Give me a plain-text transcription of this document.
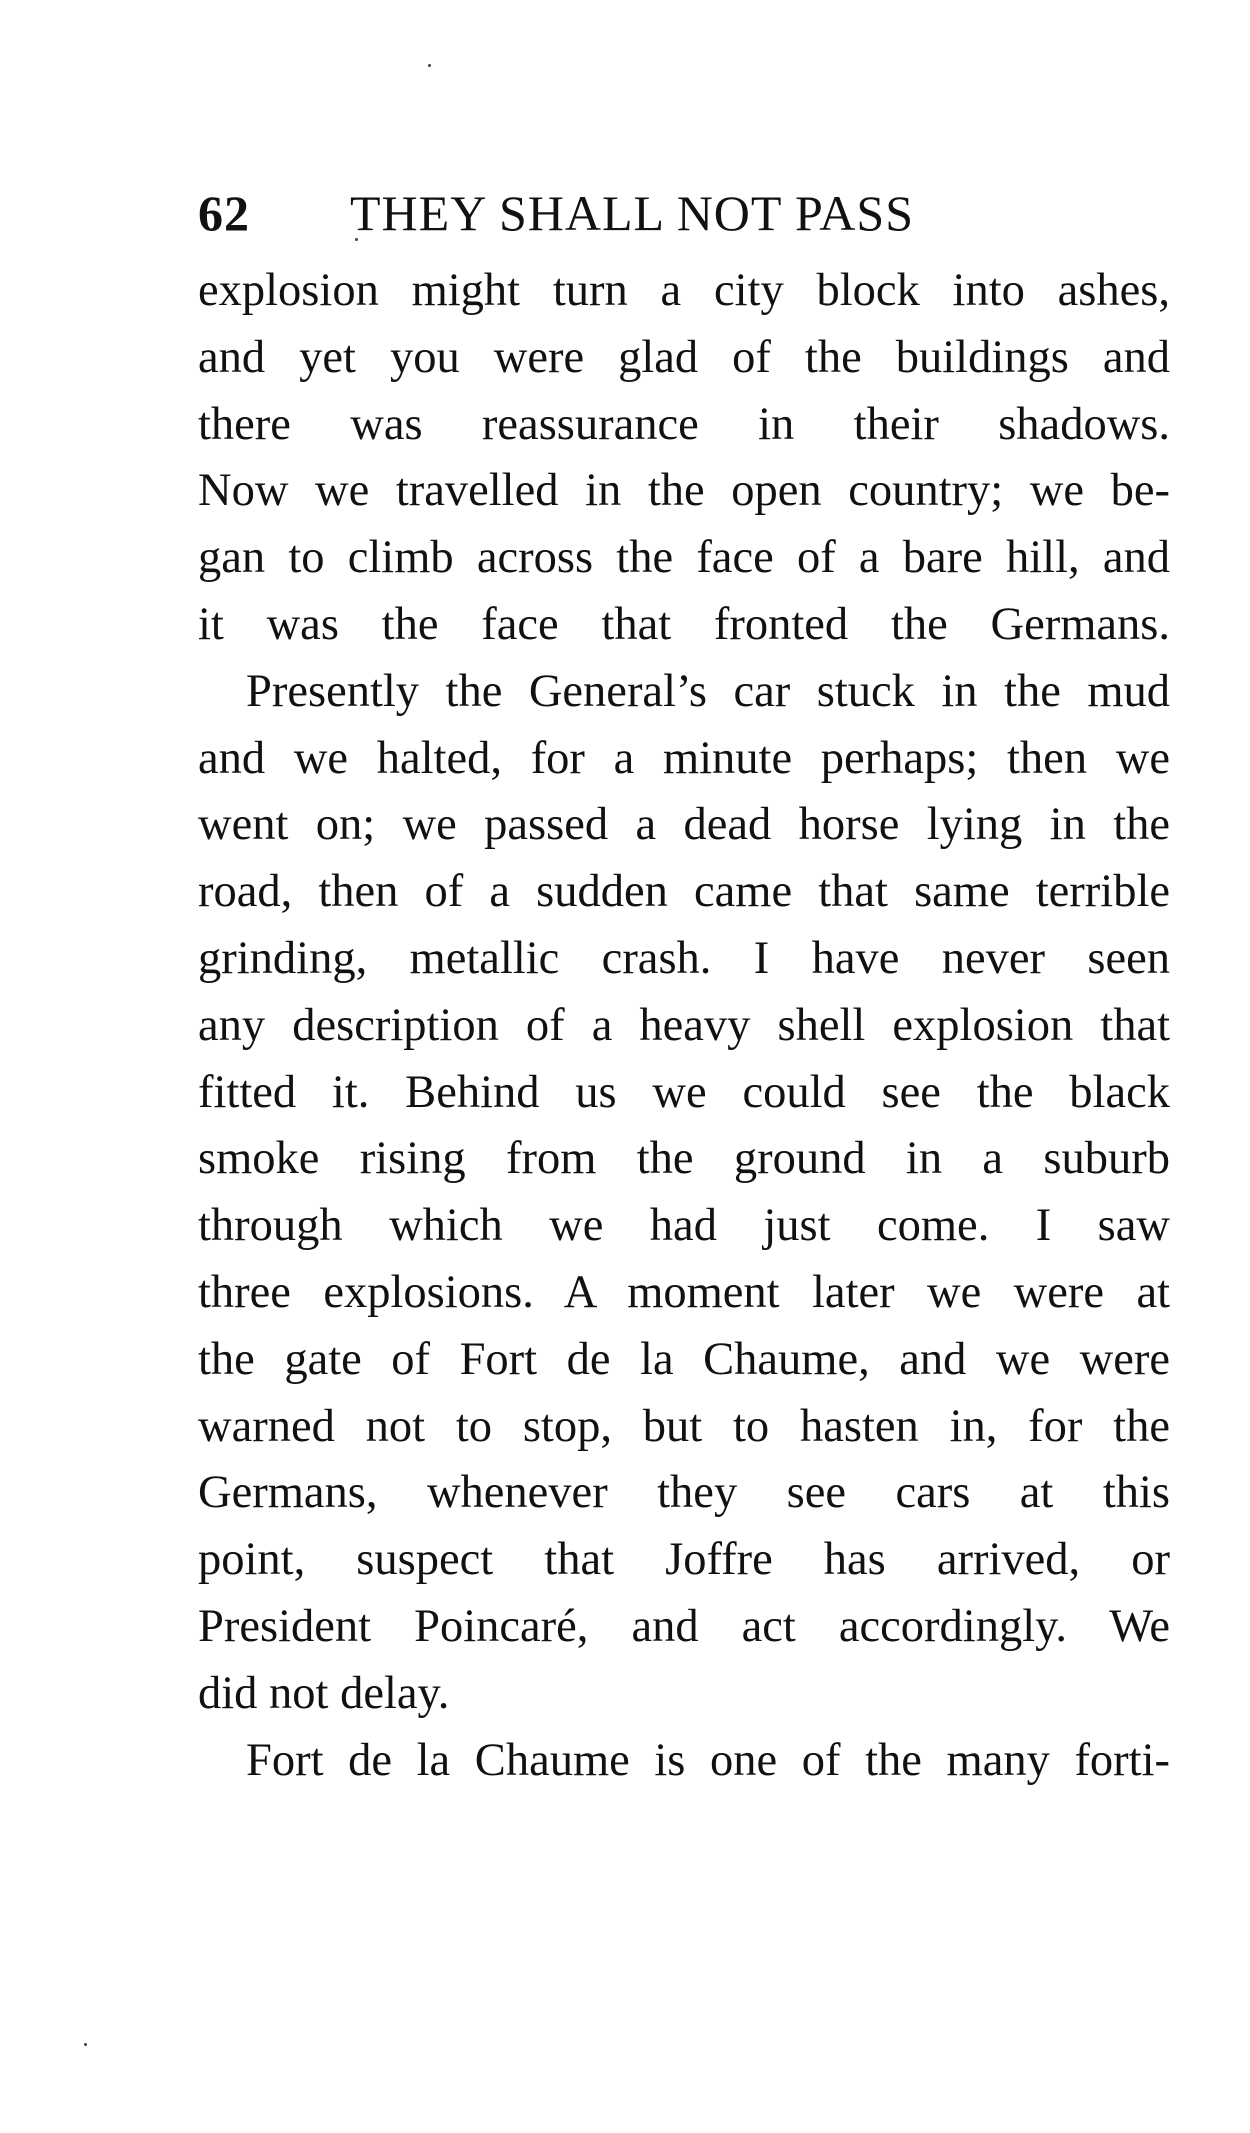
62 THEY SHALL NOT PASS
explosion might turn a city block into ashes,
and yet you were glad of the buildings and
there was reassurance in their shadows.
Now we travelled in the open country; we be-
gan to climb across the face of a bare hill, and
it was the face that fronted the Germans.
Presently the General’s car stuck in the mud
and we halted, for a minute perhaps; then we
went on; we passed a dead horse lying in the
road, then of a sudden came that same terrible
grinding, metallic crash. I have never seen
any description of a heavy shell explosion that
fitted it. Behind us we could see the black
smoke rising from the ground in a suburb
through which we had just come. I saw
three explosions. A moment later we were at
the gate of Fort de la Chaume, and we were
warned not to stop, but to hasten in, for the
Germans, whenever they see cars at this
point, suspect that Joffre has arrived, or
President Poincaré, and act accordingly. We
did not delay.
Fort de la Chaume is one of the many forti-
